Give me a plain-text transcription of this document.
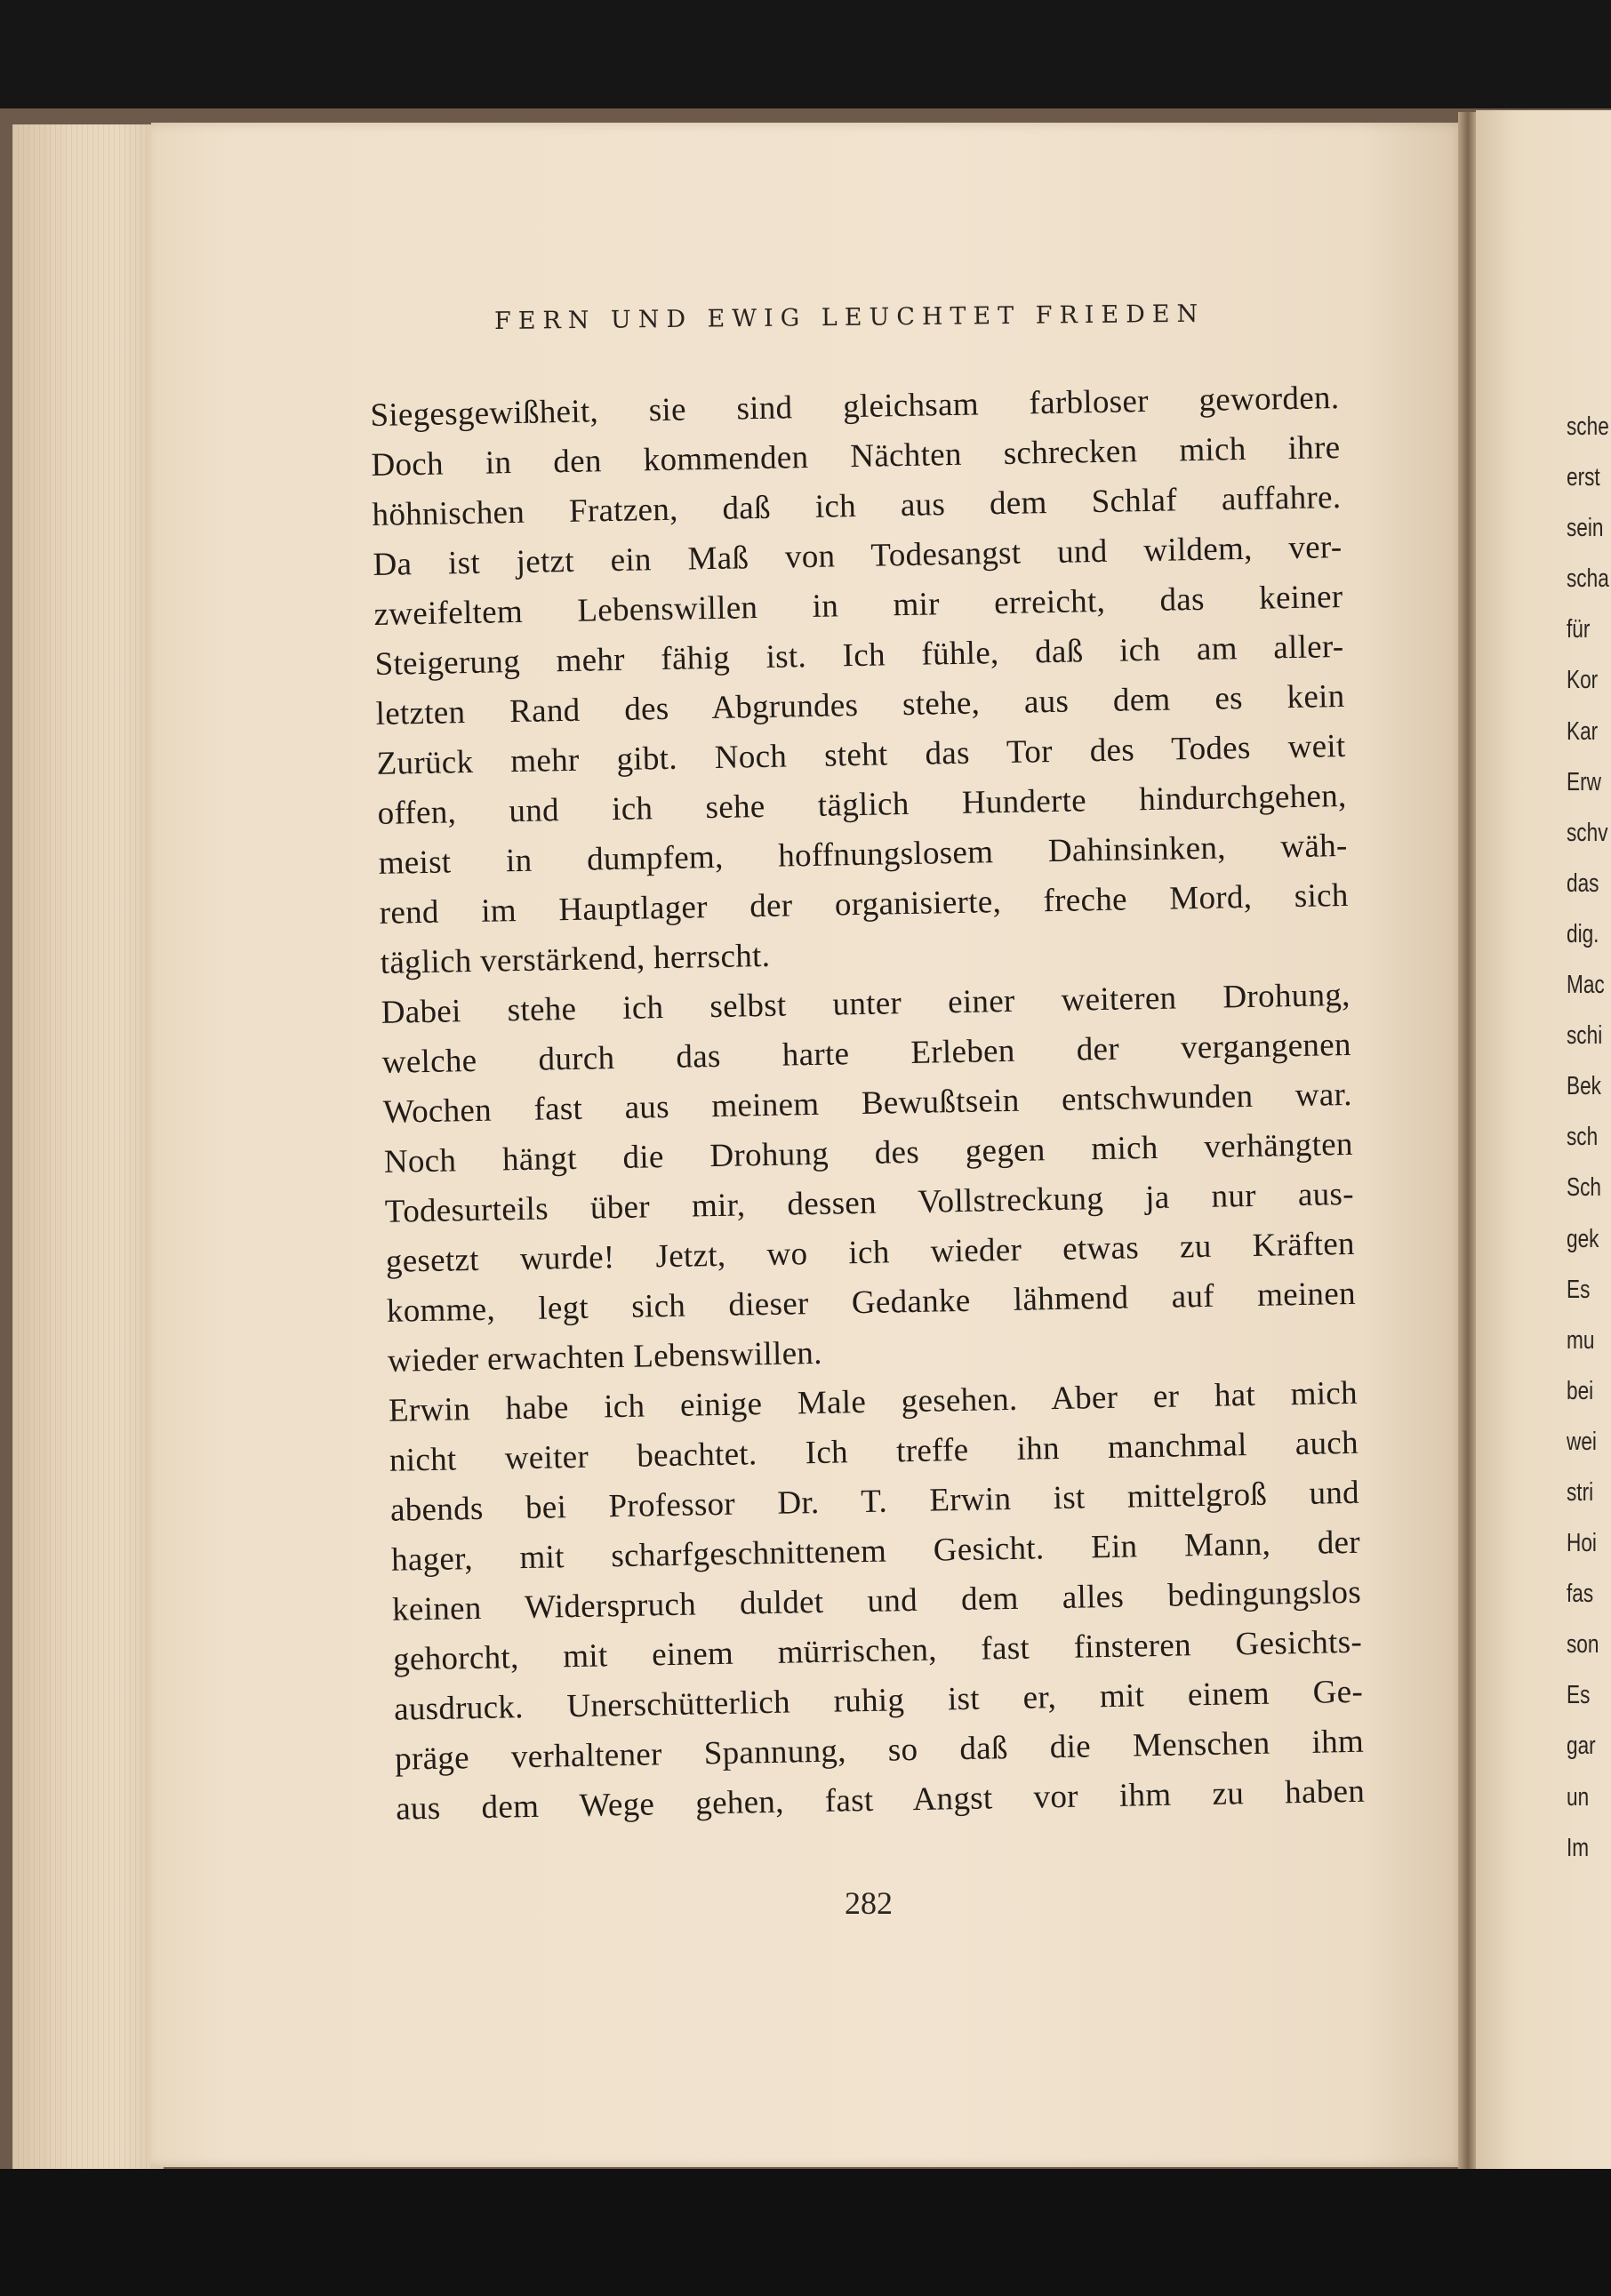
FERN UND EWIG LEUCHTET FRIEDEN
Siegesgewißheit, sie sind gleichsam farbloser geworden.
Doch in den kommenden Nächten schrecken mich ihre
höhnischen Fratzen, daß ich aus dem Schlaf auffahre.
Da ist jetzt ein Maß von Todesangst und wildem, ver-
zweifeltem Lebenswillen in mir erreicht, das keiner
Steigerung mehr fähig ist. Ich fühle, daß ich am aller-
letzten Rand des Abgrundes stehe, aus dem es kein
Zurück mehr gibt. Noch steht das Tor des Todes weit
offen, und ich sehe täglich Hunderte hindurchgehen,
meist in dumpfem, hoffnungslosem Dahinsinken, wäh-
rend im Hauptlager der organisierte, freche Mord, sich
täglich verstärkend, herrscht.
Dabei stehe ich selbst unter einer weiteren Drohung,
welche durch das harte Erleben der vergangenen
Wochen fast aus meinem Bewußtsein entschwunden war.
Noch hängt die Drohung des gegen mich verhängten
Todesurteils über mir, dessen Vollstreckung ja nur aus-
gesetzt wurde! Jetzt, wo ich wieder etwas zu Kräften
komme, legt sich dieser Gedanke lähmend auf meinen
wieder erwachten Lebenswillen.
Erwin habe ich einige Male gesehen. Aber er hat mich
nicht weiter beachtet. Ich treffe ihn manchmal auch
abends bei Professor Dr. T. Erwin ist mittelgroß und
hager, mit scharfgeschnittenem Gesicht. Ein Mann, der
keinen Widerspruch duldet und dem alles bedingungslos
gehorcht, mit einem mürrischen, fast finsteren Gesichts-
ausdruck. Unerschütterlich ruhig ist er, mit einem Ge-
präge verhaltener Spannung, so daß die Menschen ihm
aus dem Wege gehen, fast Angst vor ihm zu haben
282
sche
erst
sein
scha
für
Kor
Kar
Erw
schv
das
dig.
Mac
schi
Bek
sch
Sch
gek
Es
mu
bei
wei
stri
Hoi
fas
son
Es
gar
un
Im
